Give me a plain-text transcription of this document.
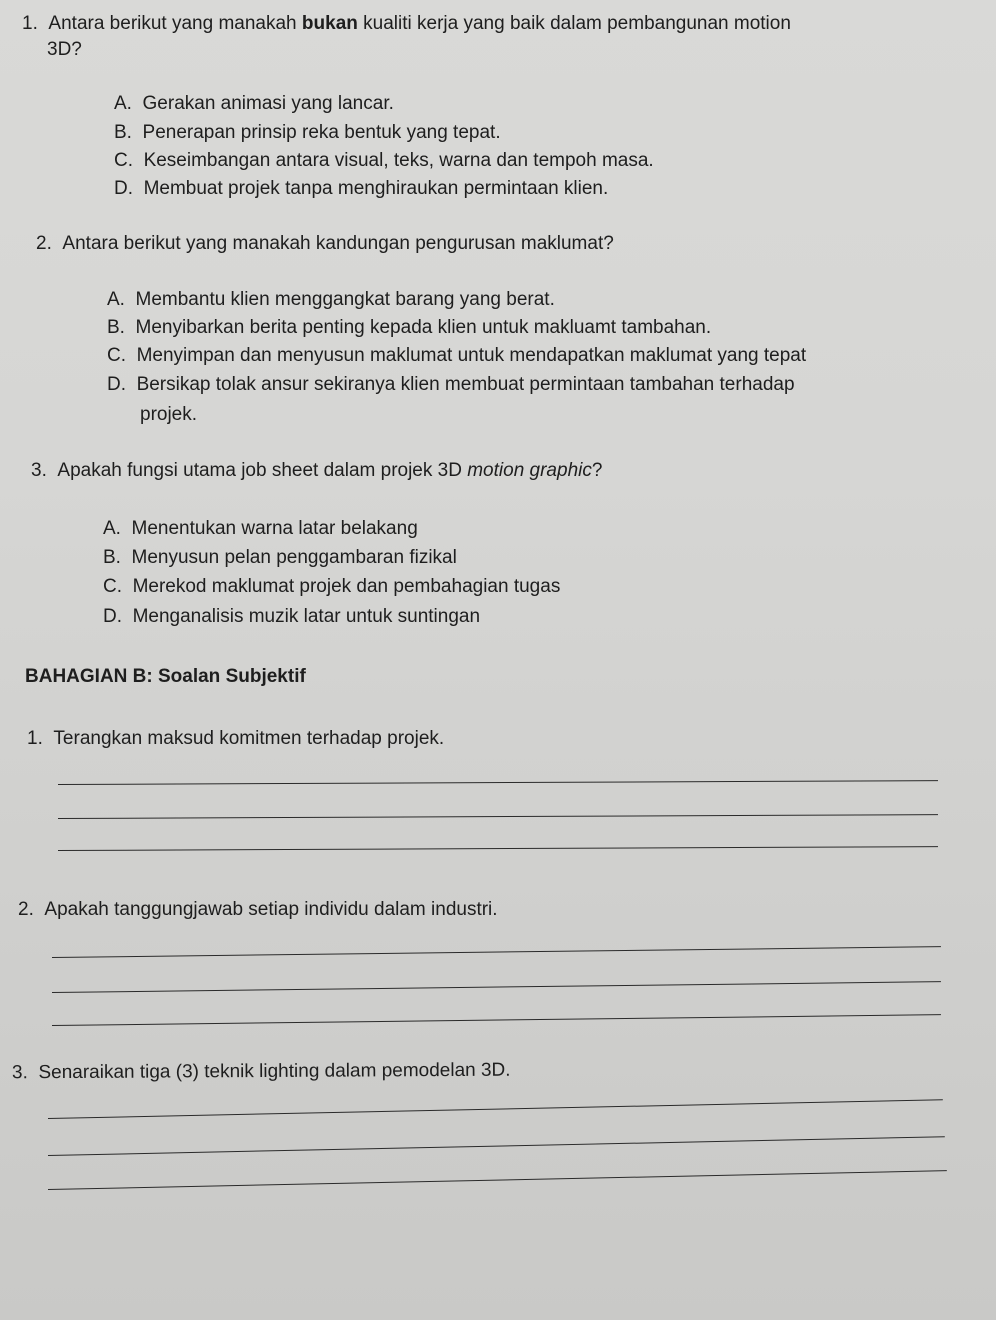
1. Antara berikut yang manakah bukan kualiti kerja yang baik dalam pembangunan motion
3D?
A. Gerakan animasi yang lancar.
B. Penerapan prinsip reka bentuk yang tepat.
C. Keseimbangan antara visual, teks, warna dan tempoh masa.
D. Membuat projek tanpa menghiraukan permintaan klien.
2. Antara berikut yang manakah kandungan pengurusan maklumat?
A. Membantu klien menggangkat barang yang berat.
B. Menyibarkan berita penting kepada klien untuk makluamt tambahan.
C. Menyimpan dan menyusun maklumat untuk mendapatkan maklumat yang tepat
D. Bersikap tolak ansur sekiranya klien membuat permintaan tambahan terhadap
projek.
3. Apakah fungsi utama job sheet dalam projek 3D motion graphic?
A. Menentukan warna latar belakang
B. Menyusun pelan penggambaran fizikal
C. Merekod maklumat projek dan pembahagian tugas
D. Menganalisis muzik latar untuk suntingan
BAHAGIAN B: Soalan Subjektif
1. Terangkan maksud komitmen terhadap projek.
2. Apakah tanggungjawab setiap individu dalam industri.
3. Senaraikan tiga (3) teknik lighting dalam pemodelan 3D.
